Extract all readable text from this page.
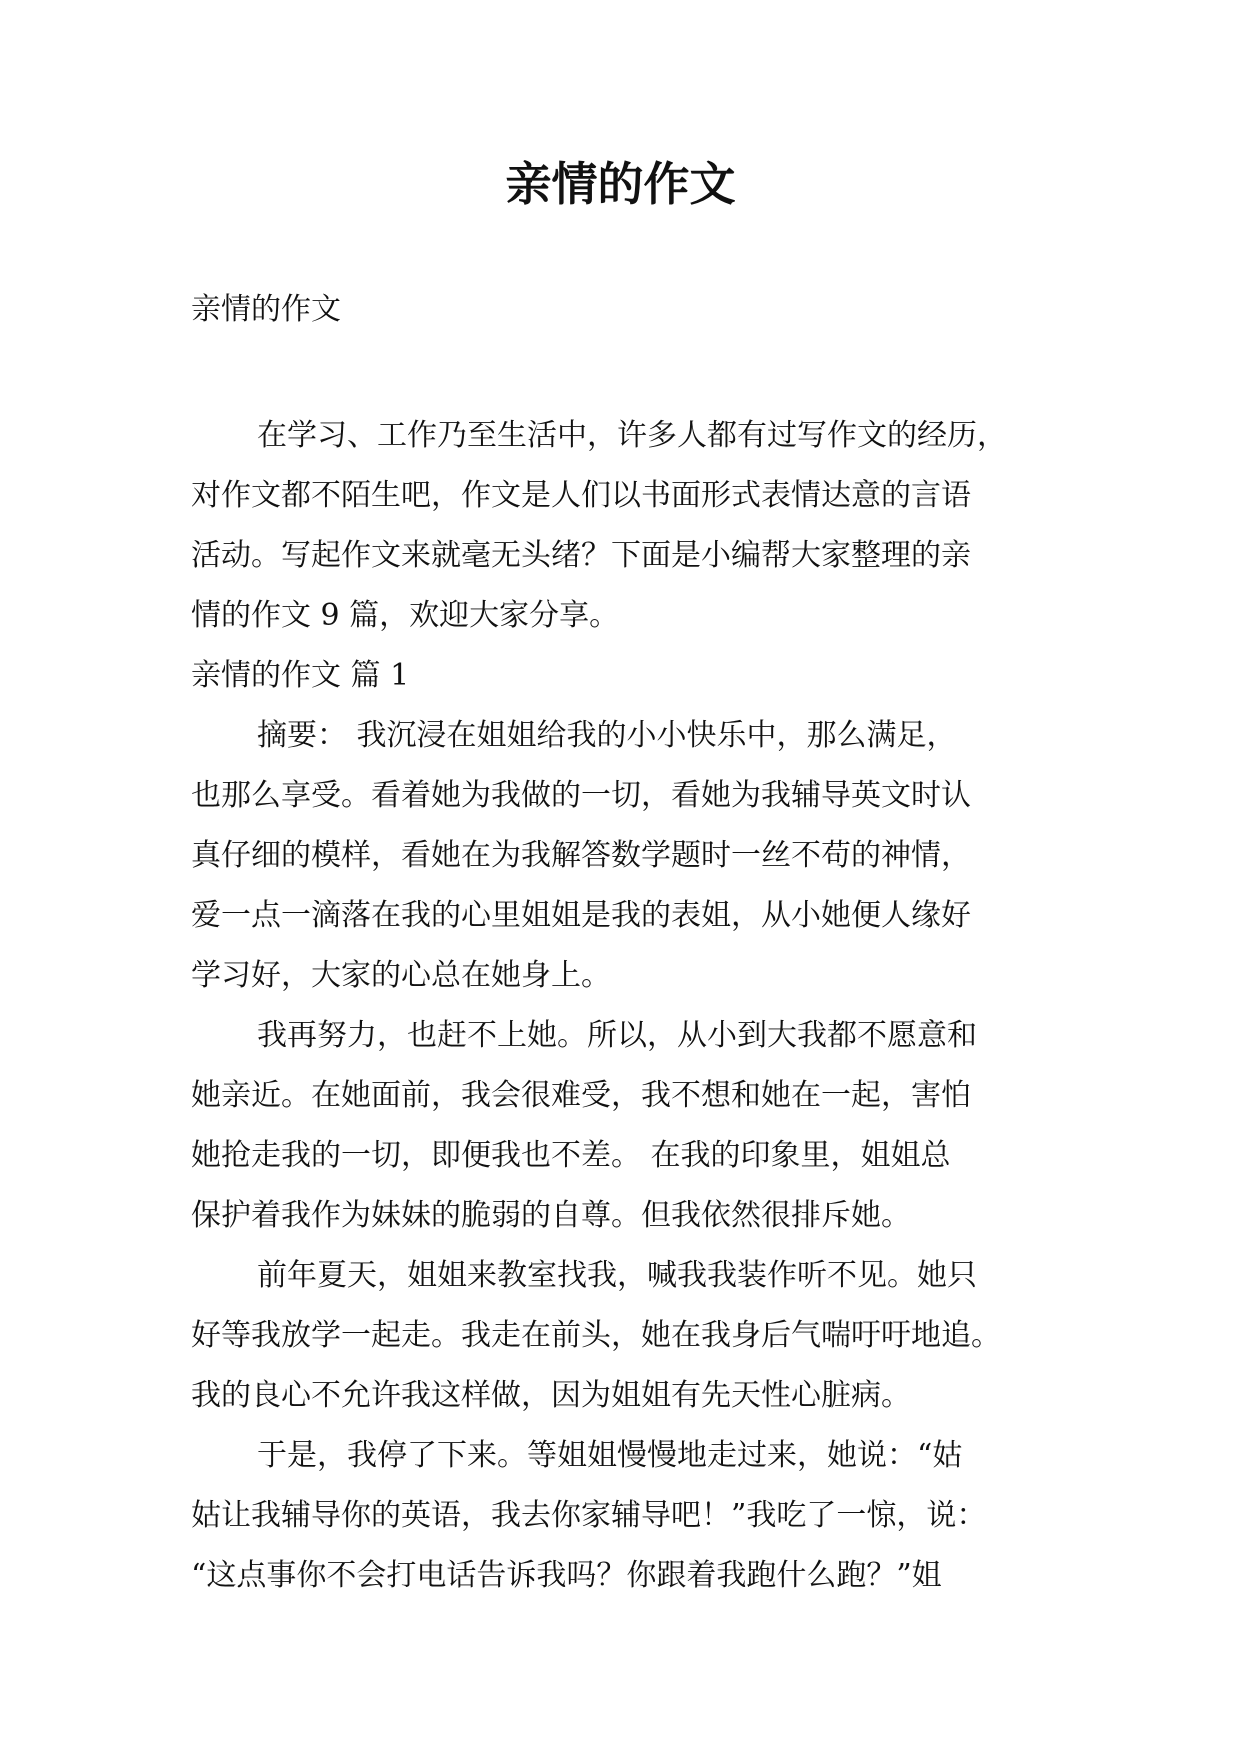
亲情的作文

亲情的作文

在学习、工作乃至生活中，许多人都有过写作文的经历，
对作文都不陌生吧，作文是人们以书面形式表情达意的言语
活动。写起作文来就毫无头绪？下面是小编帮大家整理的亲
情的作文 9 篇，欢迎大家分享。
亲情的作文 篇 1
摘要： 我沉浸在姐姐给我的小小快乐中，那么满足，
也那么享受。看着她为我做的一切，看她为我辅导英文时认
真仔细的模样，看她在为我解答数学题时一丝不苟的神情，
爱一点一滴落在我的心里姐姐是我的表姐，从小她便人缘好
学习好，大家的心总在她身上。
我再努力，也赶不上她。所以，从小到大我都不愿意和
她亲近。在她面前，我会很难受，我不想和她在一起，害怕
她抢走我的一切，即便我也不差。 在我的印象里，姐姐总
保护着我作为妹妹的脆弱的自尊。但我依然很排斥她。
前年夏天，姐姐来教室找我，喊我我装作听不见。她只
好等我放学一起走。我走在前头，她在我身后气喘吁吁地追。
我的良心不允许我这样做，因为姐姐有先天性心脏病。
于是，我停了下来。等姐姐慢慢地走过来，她说：“姑
姑让我辅导你的英语，我去你家辅导吧！”我吃了一惊，说：
“这点事你不会打电话告诉我吗？你跟着我跑什么跑？”姐
